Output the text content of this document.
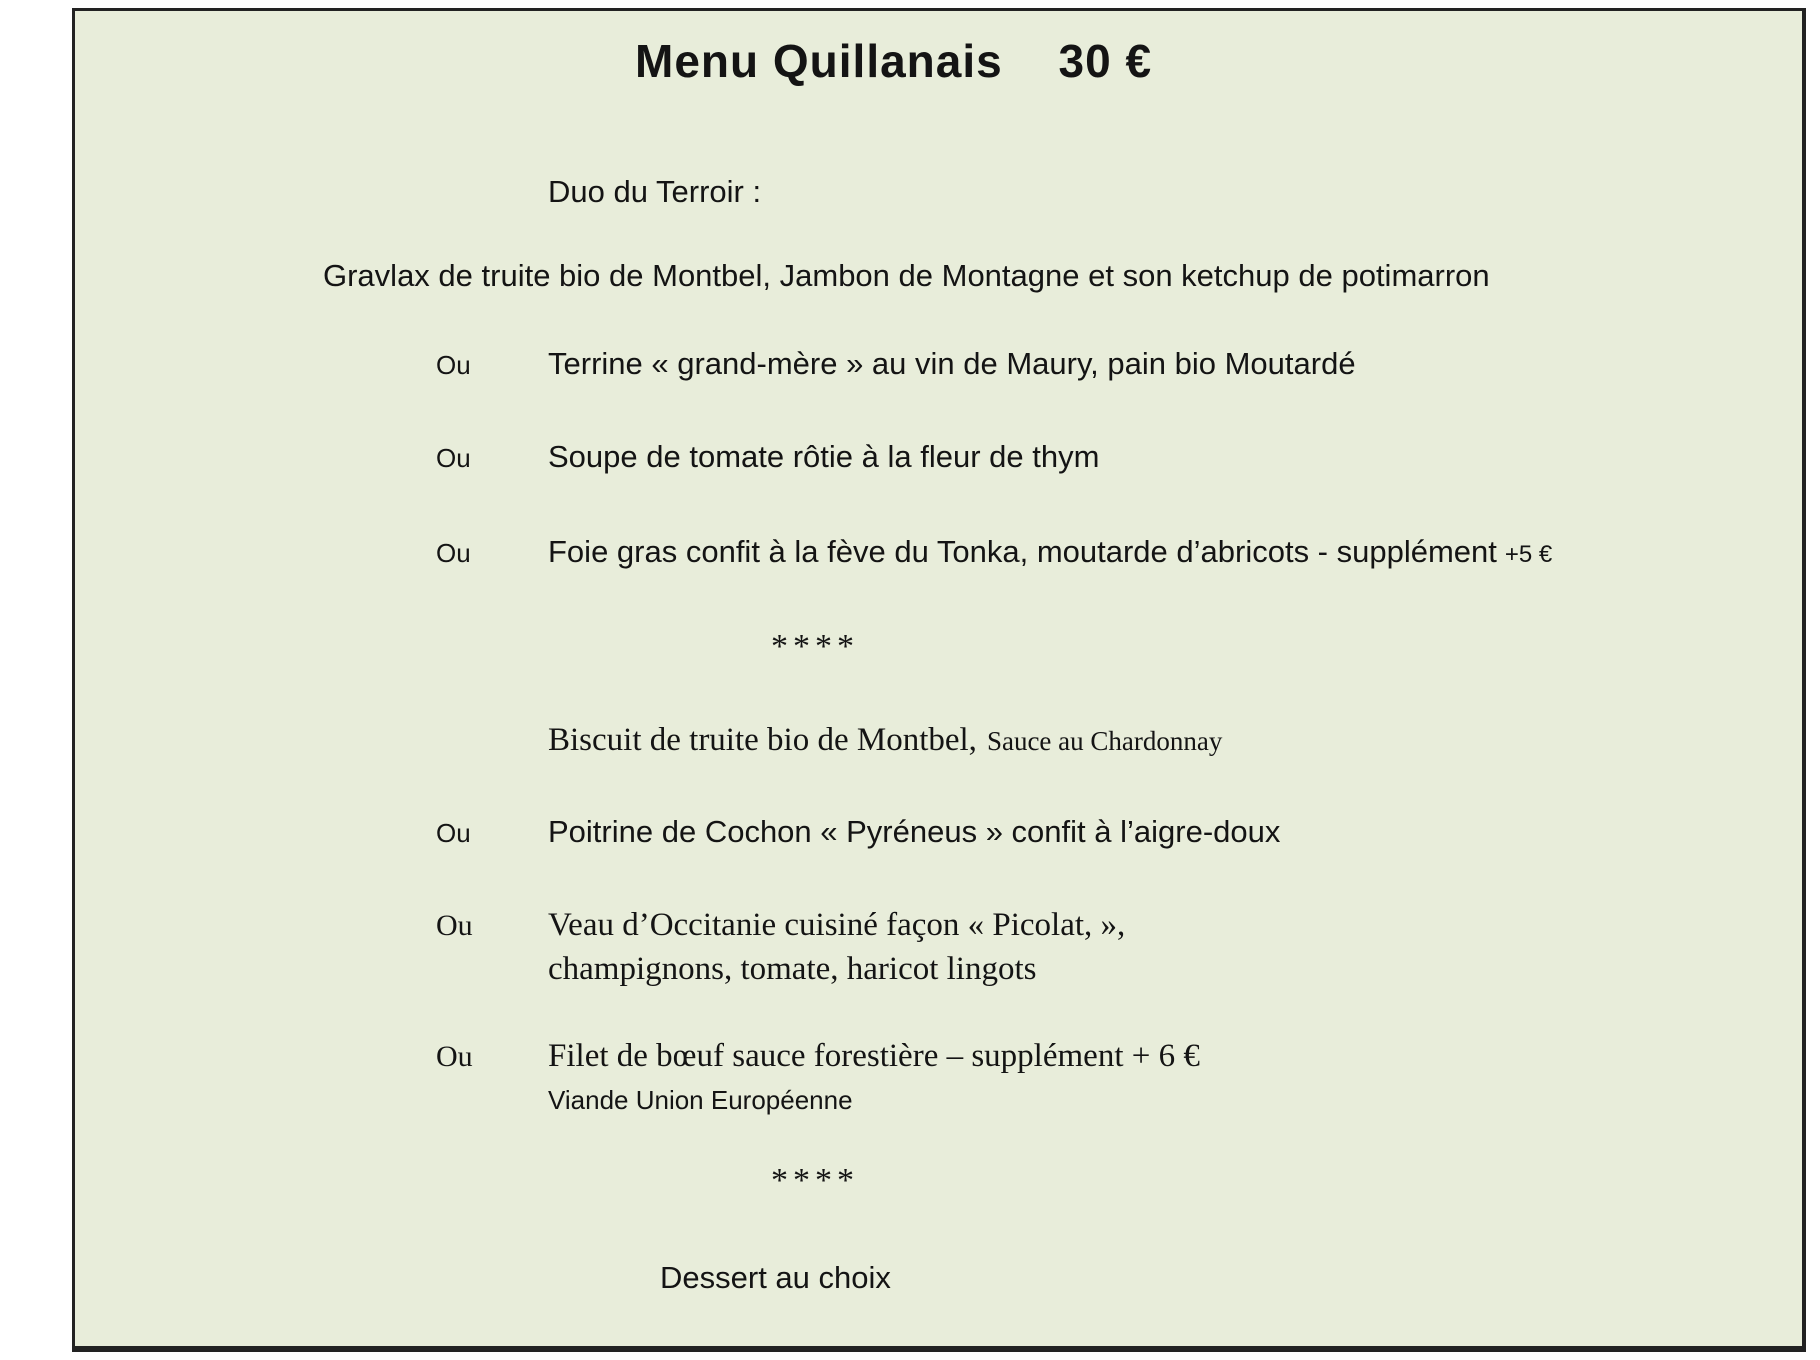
Menu Quillanais 30 €
Duo du Terroir :
Gravlax de truite bio de Montbel, Jambon de Montagne et son ketchup de potimarron
Ou	Terrine « grand-mère » au vin de Maury, pain bio Moutardé
Ou	Soupe de tomate rôtie à la fleur de thym
Ou	Foie gras confit à la fève du Tonka, moutarde d’abricots - supplément +5 €
****
Biscuit de truite bio de Montbel, Sauce au Chardonnay
Ou	Poitrine de Cochon « Pyréneus » confit à l’aigre-doux
Ou	Veau d’Occitanie cuisiné façon « Picolat, »,
champignons, tomate, haricot lingots
Ou	Filet de bœuf sauce forestière – supplément + 6 €
Viande Union Européenne
****
Dessert au choix
